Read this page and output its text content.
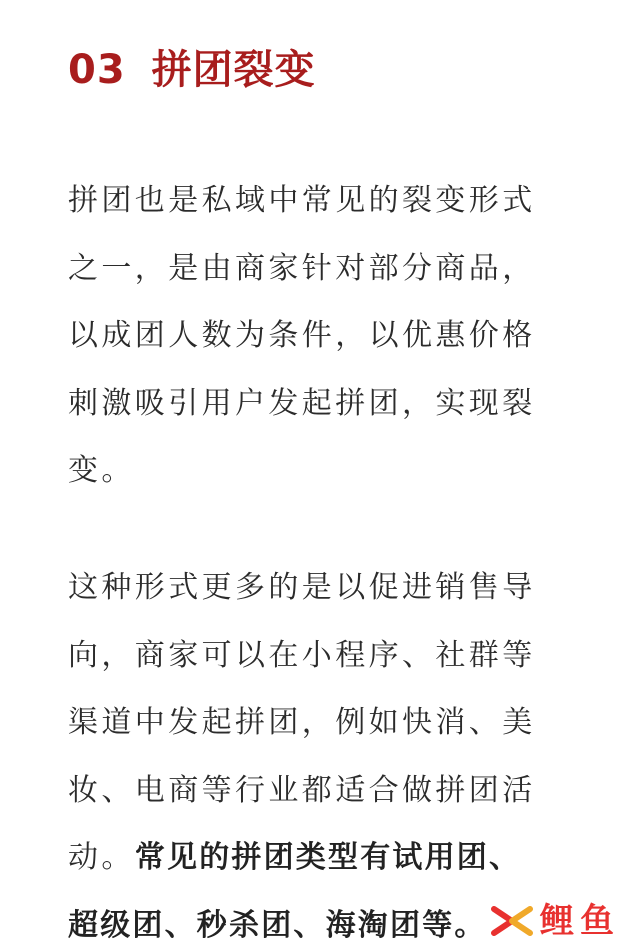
03 拼团裂变
拼团也是私域中常见的裂变形式
之一，是由商家针对部分商品，
以成团人数为条件，以优惠价格
刺激吸引用户发起拼团，实现裂
变。
这种形式更多的是以促进销售导
向，商家可以在小程序、社群等
渠道中发起拼团，例如快消、美
妆、电商等行业都适合做拼团活
动。常见的拼团类型有试用团、
超级团、秒杀团、海淘团等。	鲤鱼
